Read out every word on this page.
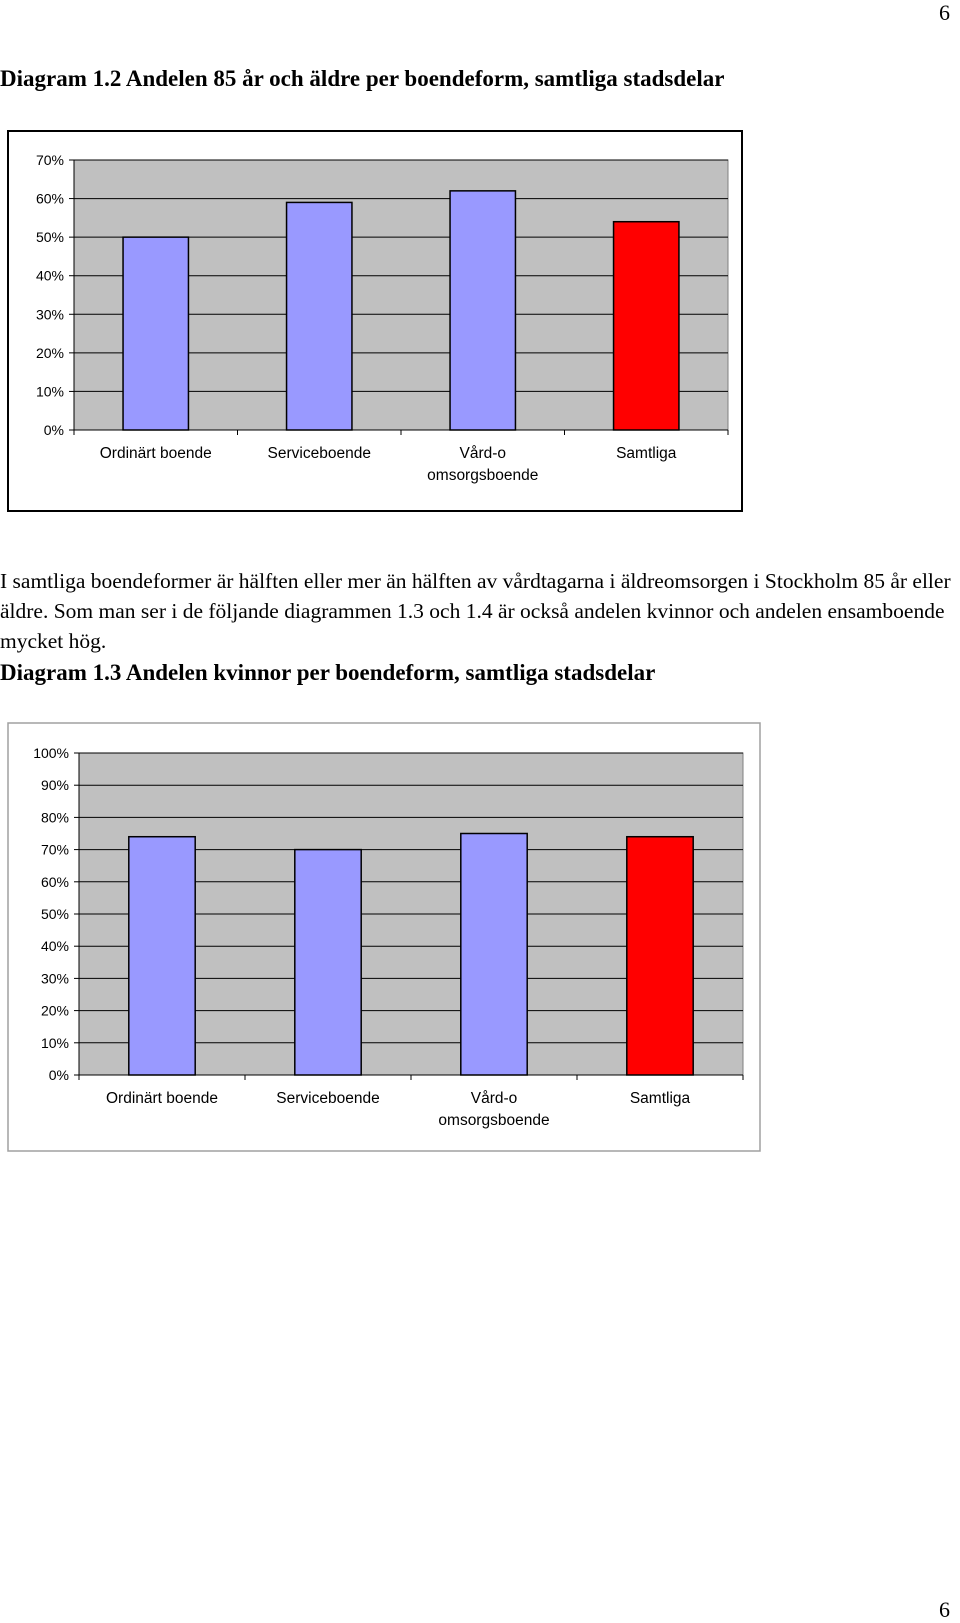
6
Diagram 1.2 Andelen 85 år och äldre per boendeform, samtliga stadsdelar
0%
10%
20%
30%
40%
50%
60%
70%
Ordinärt boende	Serviceboende	Vård-o
omsorgsboende
Samtliga
I samtliga boendeformer är hälften eller mer än hälften av vårdtagarna i äldreomsorgen i Stockholm 85 år eller äldre. Som man ser i de följande diagrammen 1.3 och 1.4 är också andelen kvinnor och andelen ensamboende mycket hög.
Diagram 1.3 Andelen kvinnor per boendeform, samtliga stadsdelar
0%
10%
20%
30%
40%
50%
60%
70%
80%
90%
100%
Ordinärt boende	Serviceboende	Vård-o
omsorgsboende
Samtliga
6
